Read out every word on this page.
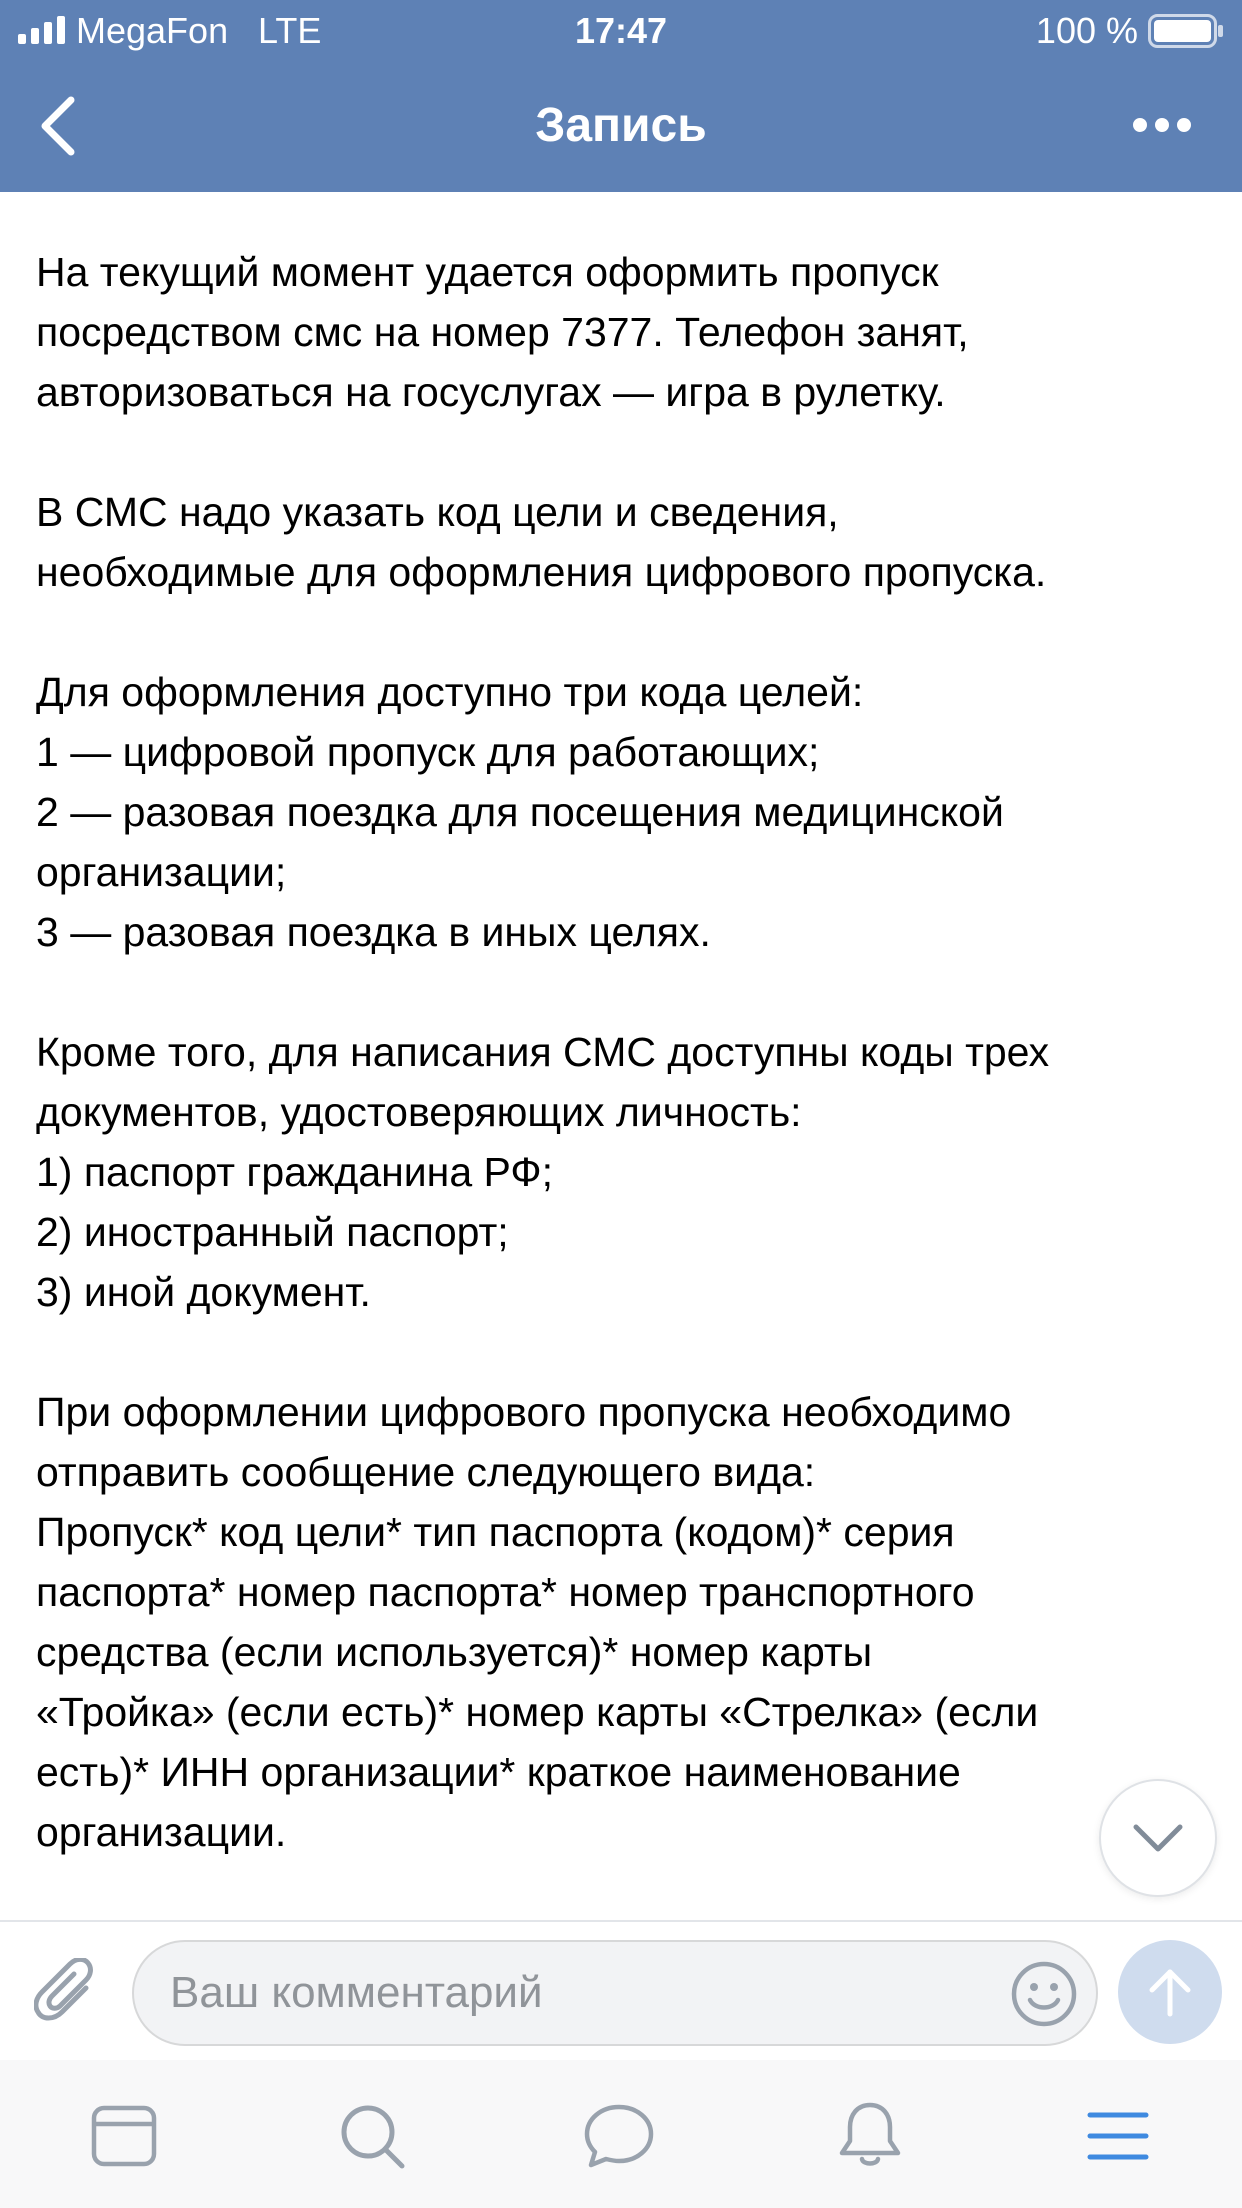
MegaFon LTE	17:47	100 %
Запись

На текущий момент удается оформить пропуск
посредством смс на номер 7377. Телефон занят,
авторизоваться на госуслугах — игра в рулетку.

В СМС надо указать код цели и сведения,
необходимые для оформления цифрового пропуска.

Для оформления доступно три кода целей:
1 — цифровой пропуск для работающих;
2 — разовая поездка для посещения медицинской
организации;
3 — разовая поездка в иных целях.

Кроме того, для написания СМС доступны коды трех
документов, удостоверяющих личность:
1) паспорт гражданина РФ;
2) иностранный паспорт;
3) иной документ.

При оформлении цифрового пропуска необходимо
отправить сообщение следующего вида:
Пропуск* код цели* тип паспорта (кодом)* серия
паспорта* номер паспорта* номер транспортного
средства (если используется)* номер карты
«Тройка» (если есть)* номер карты «Стрелка» (если
есть)* ИНН организации* краткое наименование
организации.

Ваш комментарий
